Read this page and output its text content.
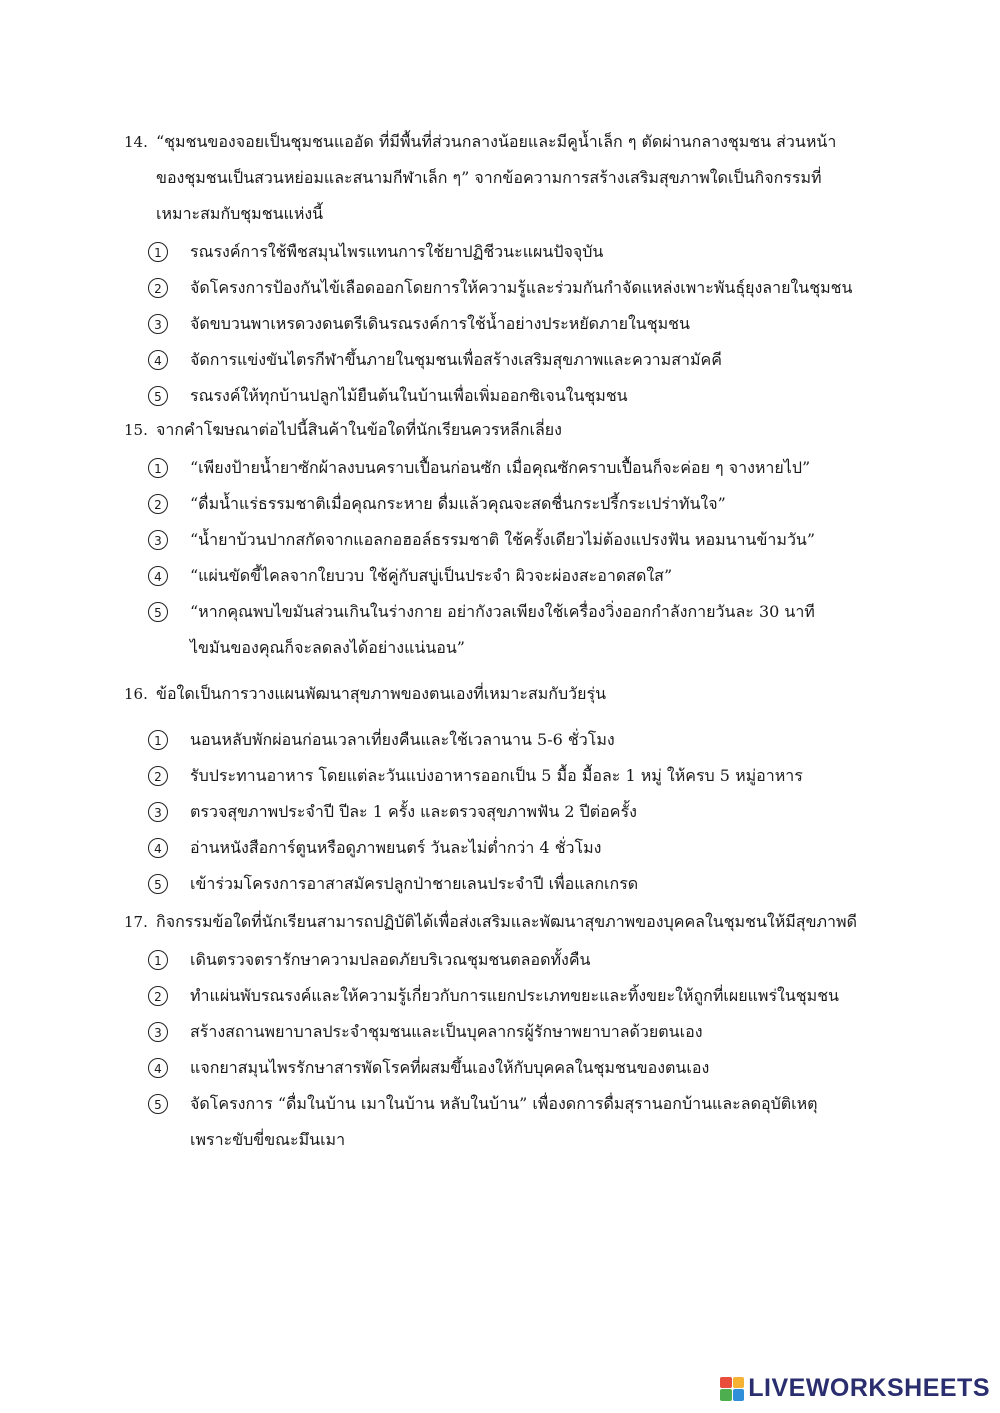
14. “ชุมชนของจอยเป็นชุมชนแออัด ที่มีพื้นที่ส่วนกลางน้อยและมีคูน้ำเล็ก ๆ ตัดผ่านกลางชุมชน ส่วนหน้า
ของชุมชนเป็นสวนหย่อมและสนามกีฬาเล็ก ๆ” จากข้อความการสร้างเสริมสุขภาพใดเป็นกิจกรรมที่
เหมาะสมกับชุมชนแห่งนี้
1	รณรงค์การใช้พืชสมุนไพรแทนการใช้ยาปฏิชีวนะแผนปัจจุบัน
2	จัดโครงการป้องกันไข้เลือดออกโดยการให้ความรู้และร่วมกันกำจัดแหล่งเพาะพันธุ์ยุงลายในชุมชน
3	จัดขบวนพาเหรดวงดนตรีเดินรณรงค์การใช้น้ำอย่างประหยัดภายในชุมชน
4	จัดการแข่งขันไตรกีฬาขึ้นภายในชุมชนเพื่อสร้างเสริมสุขภาพและความสามัคคี
5	รณรงค์ให้ทุกบ้านปลูกไม้ยืนต้นในบ้านเพื่อเพิ่มออกซิเจนในชุมชน
15. จากคำโฆษณาต่อไปนี้สินค้าในข้อใดที่นักเรียนควรหลีกเลี่ยง
1	“เพียงป้ายน้ำยาซักผ้าลงบนคราบเปื้อนก่อนซัก เมื่อคุณซักคราบเปื้อนก็จะค่อย ๆ จางหายไป”
2	“ดื่มน้ำแร่ธรรมชาติเมื่อคุณกระหาย ดื่มแล้วคุณจะสดชื่นกระปรี้กระเปร่าทันใจ”
3	“น้ำยาบ้วนปากสกัดจากแอลกอฮอล์ธรรมชาติ ใช้ครั้งเดียวไม่ต้องแปรงฟัน หอมนานข้ามวัน”
4	“แผ่นขัดขี้ไคลจากใยบวบ ใช้คู่กับสบู่เป็นประจำ ผิวจะผ่องสะอาดสดใส”
5	“หากคุณพบไขมันส่วนเกินในร่างกาย อย่ากังวลเพียงใช้เครื่องวิ่งออกกำลังกายวันละ 30 นาที
ไขมันของคุณก็จะลดลงได้อย่างแน่นอน”
16. ข้อใดเป็นการวางแผนพัฒนาสุขภาพของตนเองที่เหมาะสมกับวัยรุ่น
1	นอนหลับพักผ่อนก่อนเวลาเที่ยงคืนและใช้เวลานาน 5-6 ชั่วโมง
2	รับประทานอาหาร โดยแต่ละวันแบ่งอาหารออกเป็น 5 มื้อ มื้อละ 1 หมู่ ให้ครบ 5 หมู่อาหาร
3	ตรวจสุขภาพประจำปี ปีละ 1 ครั้ง และตรวจสุขภาพฟัน 2 ปีต่อครั้ง
4	อ่านหนังสือการ์ตูนหรือดูภาพยนตร์ วันละไม่ต่ำกว่า 4 ชั่วโมง
5	เข้าร่วมโครงการอาสาสมัครปลูกป่าชายเลนประจำปี เพื่อแลกเกรด
17. กิจกรรมข้อใดที่นักเรียนสามารถปฏิบัติได้เพื่อส่งเสริมและพัฒนาสุขภาพของบุคคลในชุมชนให้มีสุขภาพดี
1	เดินตรวจตรารักษาความปลอดภัยบริเวณชุมชนตลอดทั้งคืน
2	ทำแผ่นพับรณรงค์และให้ความรู้เกี่ยวกับการแยกประเภทขยะและทิ้งขยะให้ถูกที่เผยแพร่ในชุมชน
3	สร้างสถานพยาบาลประจำชุมชนและเป็นบุคลากรผู้รักษาพยาบาลด้วยตนเอง
4	แจกยาสมุนไพรรักษาสารพัดโรคที่ผสมขึ้นเองให้กับบุคคลในชุมชนของตนเอง
5	จัดโครงการ “ดื่มในบ้าน เมาในบ้าน หลับในบ้าน” เพื่องดการดื่มสุรานอกบ้านและลดอุบัติเหตุ
เพราะขับขี่ขณะมึนเมา
LIVEWORKSHEETS
